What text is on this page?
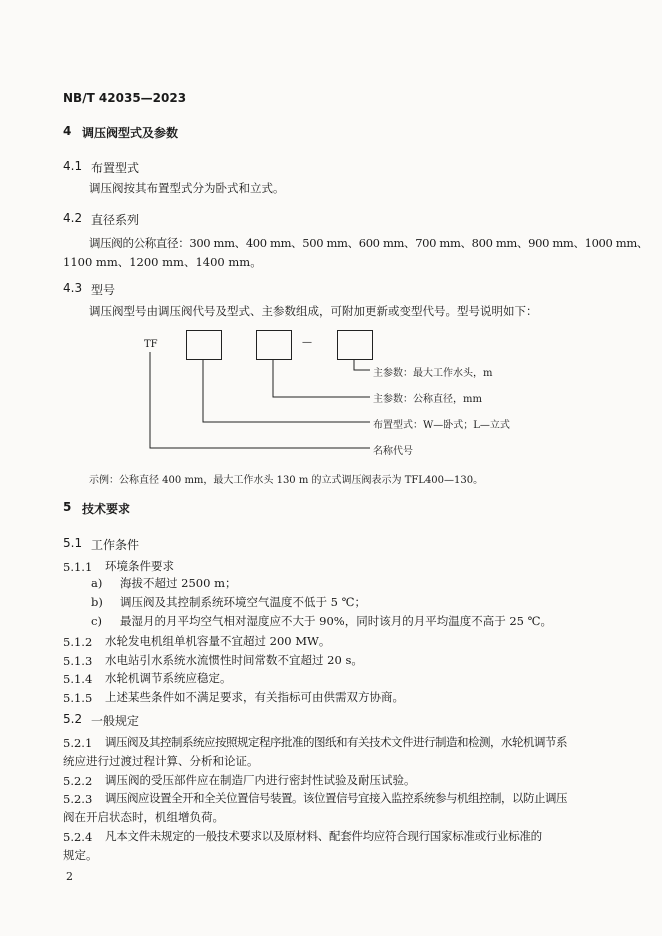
NB/T 42035—2023
4 调压阀型式及参数
4.1 布置型式
调压阀按其布置型式分为卧式和立式。
4.2 直径系列
调压阀的公称直径：300 mm、400 mm、500 mm、600 mm、700 mm、800 mm、900 mm、1000 mm、
1100 mm、1200 mm、1400 mm。
4.3 型号
调压阀型号由调压阀代号及型式、主参数组成，可附加更新或变型代号。型号说明如下：
TF	—
主参数：最大工作水头，m
主参数：公称直径，mm
布置型式：W—卧式；L—立式
名称代号
示例：公称直径 400 mm，最大工作水头 130 m 的立式调压阀表示为 TFL400—130。
5 技术要求
5.1 工作条件
5.1.1 环境条件要求
a) 海拔不超过 2500 m；
b) 调压阀及其控制系统环境空气温度不低于 5 ℃；
c) 最湿月的月平均空气相对湿度应不大于 90%，同时该月的月平均温度不高于 25 ℃。
5.1.2 水轮发电机组单机容量不宜超过 200 MW。
5.1.3 水电站引水系统水流惯性时间常数不宜超过 20 s。
5.1.4 水轮机调节系统应稳定。
5.1.5 上述某些条件如不满足要求，有关指标可由供需双方协商。
5.2 一般规定
5.2.1 调压阀及其控制系统应按照规定程序批准的图纸和有关技术文件进行制造和检测，水轮机调节系
统应进行过渡过程计算、分析和论证。
5.2.2 调压阀的受压部件应在制造厂内进行密封性试验及耐压试验。
5.2.3 调压阀应设置全开和全关位置信号装置。该位置信号宜接入监控系统参与机组控制，以防止调压
阀在开启状态时，机组增负荷。
5.2.4 凡本文件未规定的一般技术要求以及原材料、配套件均应符合现行国家标准或行业标准的
规定。
2
